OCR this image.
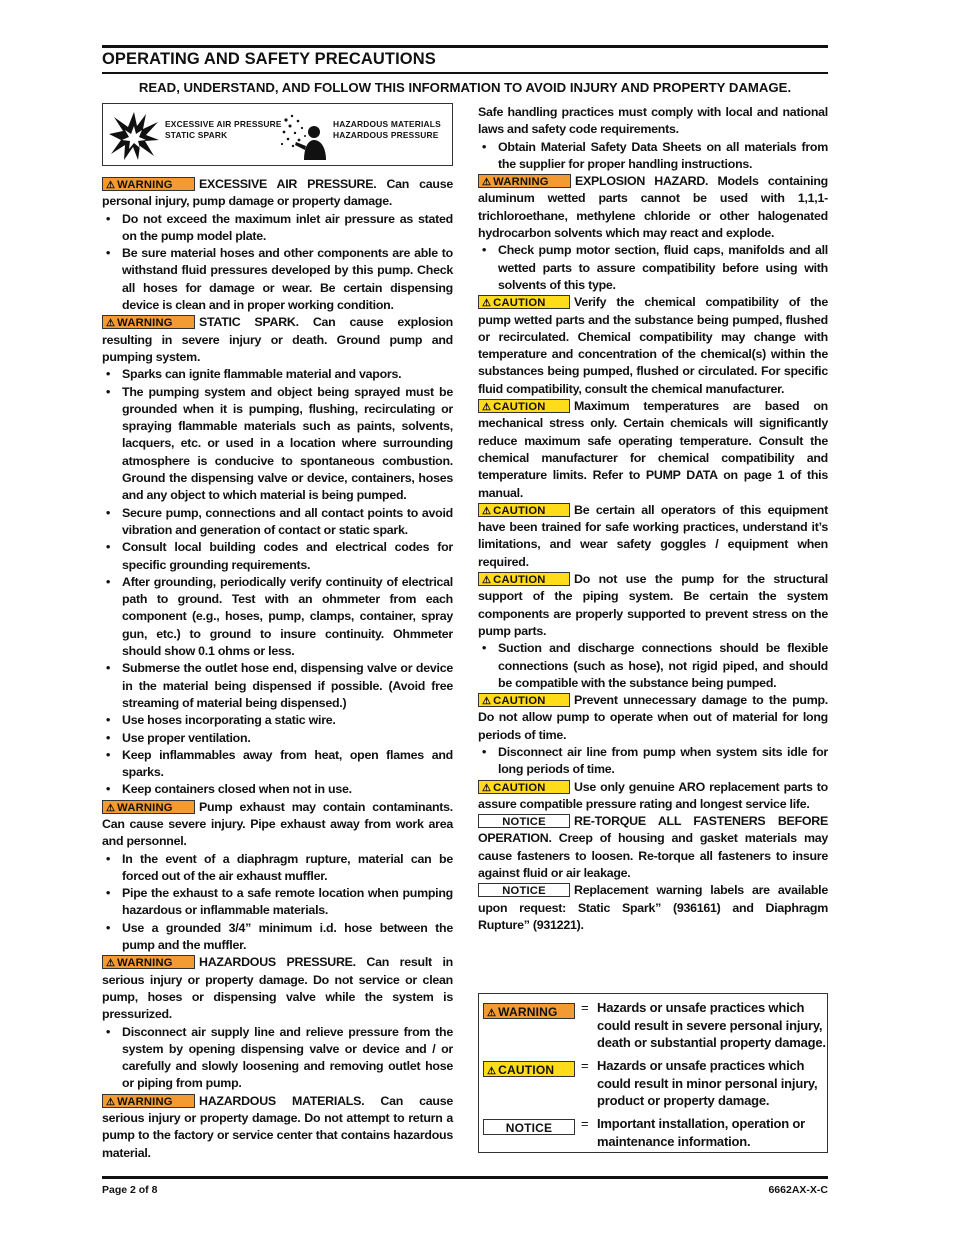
OPERATING AND SAFETY PRECAUTIONS
READ, UNDERSTAND, AND FOLLOW THIS INFORMATION TO AVOID INJURY AND PROPERTY DAMAGE.
EXCESSIVE AIR PRESSURE
STATIC SPARK
HAZARDOUS MATERIALS
HAZARDOUS PRESSURE

⚠ WARNING EXCESSIVE AIR PRESSURE. Can cause personal injury, pump damage or property damage.

• Do not exceed the maximum inlet air pressure as stated on the pump model plate.
• Be sure material hoses and other components are able to withstand fluid pressures developed by this pump. Check all hoses for damage or wear. Be certain dispensing device is clean and in proper working condition.

⚠ WARNING STATIC SPARK. Can cause explosion resulting in severe injury or death. Ground pump and pumping system.

• Sparks can ignite flammable material and vapors.
• The pumping system and object being sprayed must be grounded when it is pumping, flushing, recirculating or spraying flammable materials such as paints, solvents, lacquers, etc. or used in a location where surrounding atmosphere is conducive to spontaneous combustion. Ground the dispensing valve or device, containers, hoses and any object to which material is being pumped.
• Secure pump, connections and all contact points to avoid vibration and generation of contact or static spark.
• Consult local building codes and electrical codes for specific grounding requirements.
• After grounding, periodically verify continuity of electrical path to ground. Test with an ohmmeter from each component (e.g., hoses, pump, clamps, container, spray gun, etc.) to ground to insure continuity. Ohmmeter should show 0.1 ohms or less.
• Submerse the outlet hose end, dispensing valve or device in the material being dispensed if possible. (Avoid free streaming of material being dispensed.)
• Use hoses incorporating a static wire.
• Use proper ventilation.
• Keep inflammables away from heat, open flames and sparks.
• Keep containers closed when not in use.

⚠ WARNING Pump exhaust may contain contaminants. Can cause severe injury. Pipe exhaust away from work area and personnel.

• In the event of a diaphragm rupture, material can be forced out of the air exhaust muffler.
• Pipe the exhaust to a safe remote location when pumping hazardous or inflammable materials.
• Use a grounded 3/4” minimum i.d. hose between the pump and the muffler.

⚠ WARNING HAZARDOUS PRESSURE. Can result in serious injury or property damage. Do not service or clean pump, hoses or dispensing valve while the system is pressurized.

• Disconnect air supply line and relieve pressure from the system by opening dispensing valve or device and / or carefully and slowly loosening and removing outlet hose or piping from pump.

⚠ WARNING HAZARDOUS MATERIALS. Can cause serious injury or property damage. Do not attempt to return a pump to the factory or service center that contains hazardous material.

Safe handling practices must comply with local and national laws and safety code requirements.

• Obtain Material Safety Data Sheets on all materials from the supplier for proper handling instructions.

⚠ WARNING EXPLOSION HAZARD. Models containing aluminum wetted parts cannot be used with 1,1,1-trichloroethane, methylene chloride or other halogenated hydrocarbon solvents which may react and explode.

• Check pump motor section, fluid caps, manifolds and all wetted parts to assure compatibility before using with solvents of this type.

⚠ CAUTION Verify the chemical compatibility of the pump wetted parts and the substance being pumped, flushed or recirculated. Chemical compatibility may change with temperature and concentration of the chemical(s) within the substances being pumped, flushed or circulated. For specific fluid compatibility, consult the chemical manufacturer.

⚠ CAUTION Maximum temperatures are based on mechanical stress only. Certain chemicals will significantly reduce maximum safe operating temperature. Consult the chemical manufacturer for chemical compatibility and temperature limits. Refer to PUMP DATA on page 1 of this manual.

⚠ CAUTION Be certain all operators of this equipment have been trained for safe working practices, understand it’s limitations, and wear safety goggles / equipment when required.

⚠ CAUTION Do not use the pump for the structural support of the piping system. Be certain the system components are properly supported to prevent stress on the pump parts.

• Suction and discharge connections should be flexible connections (such as hose), not rigid piped, and should be compatible with the substance being pumped.

⚠ CAUTION Prevent unnecessary damage to the pump. Do not allow pump to operate when out of material for long periods of time.

• Disconnect air line from pump when system sits idle for long periods of time.

⚠ CAUTION Use only genuine ARO replacement parts to assure compatible pressure rating and longest service life.

NOTICE RE-TORQUE ALL FASTENERS BEFORE OPERATION. Creep of housing and gasket materials may cause fasteners to loosen. Re-torque all fasteners to insure against fluid or air leakage.

NOTICE Replacement warning labels are available upon request: Static Spark” (936161) and Diaphragm Rupture” (931221).

⚠ WARNING	= Hazards or unsafe practices which could result in severe personal injury, death or substantial property damage.
⚠ CAUTION	= Hazards or unsafe practices which could result in minor personal injury, product or property damage.
NOTICE	= Important installation, operation or maintenance information.
Page 2 of 8	6662AX-X-C
